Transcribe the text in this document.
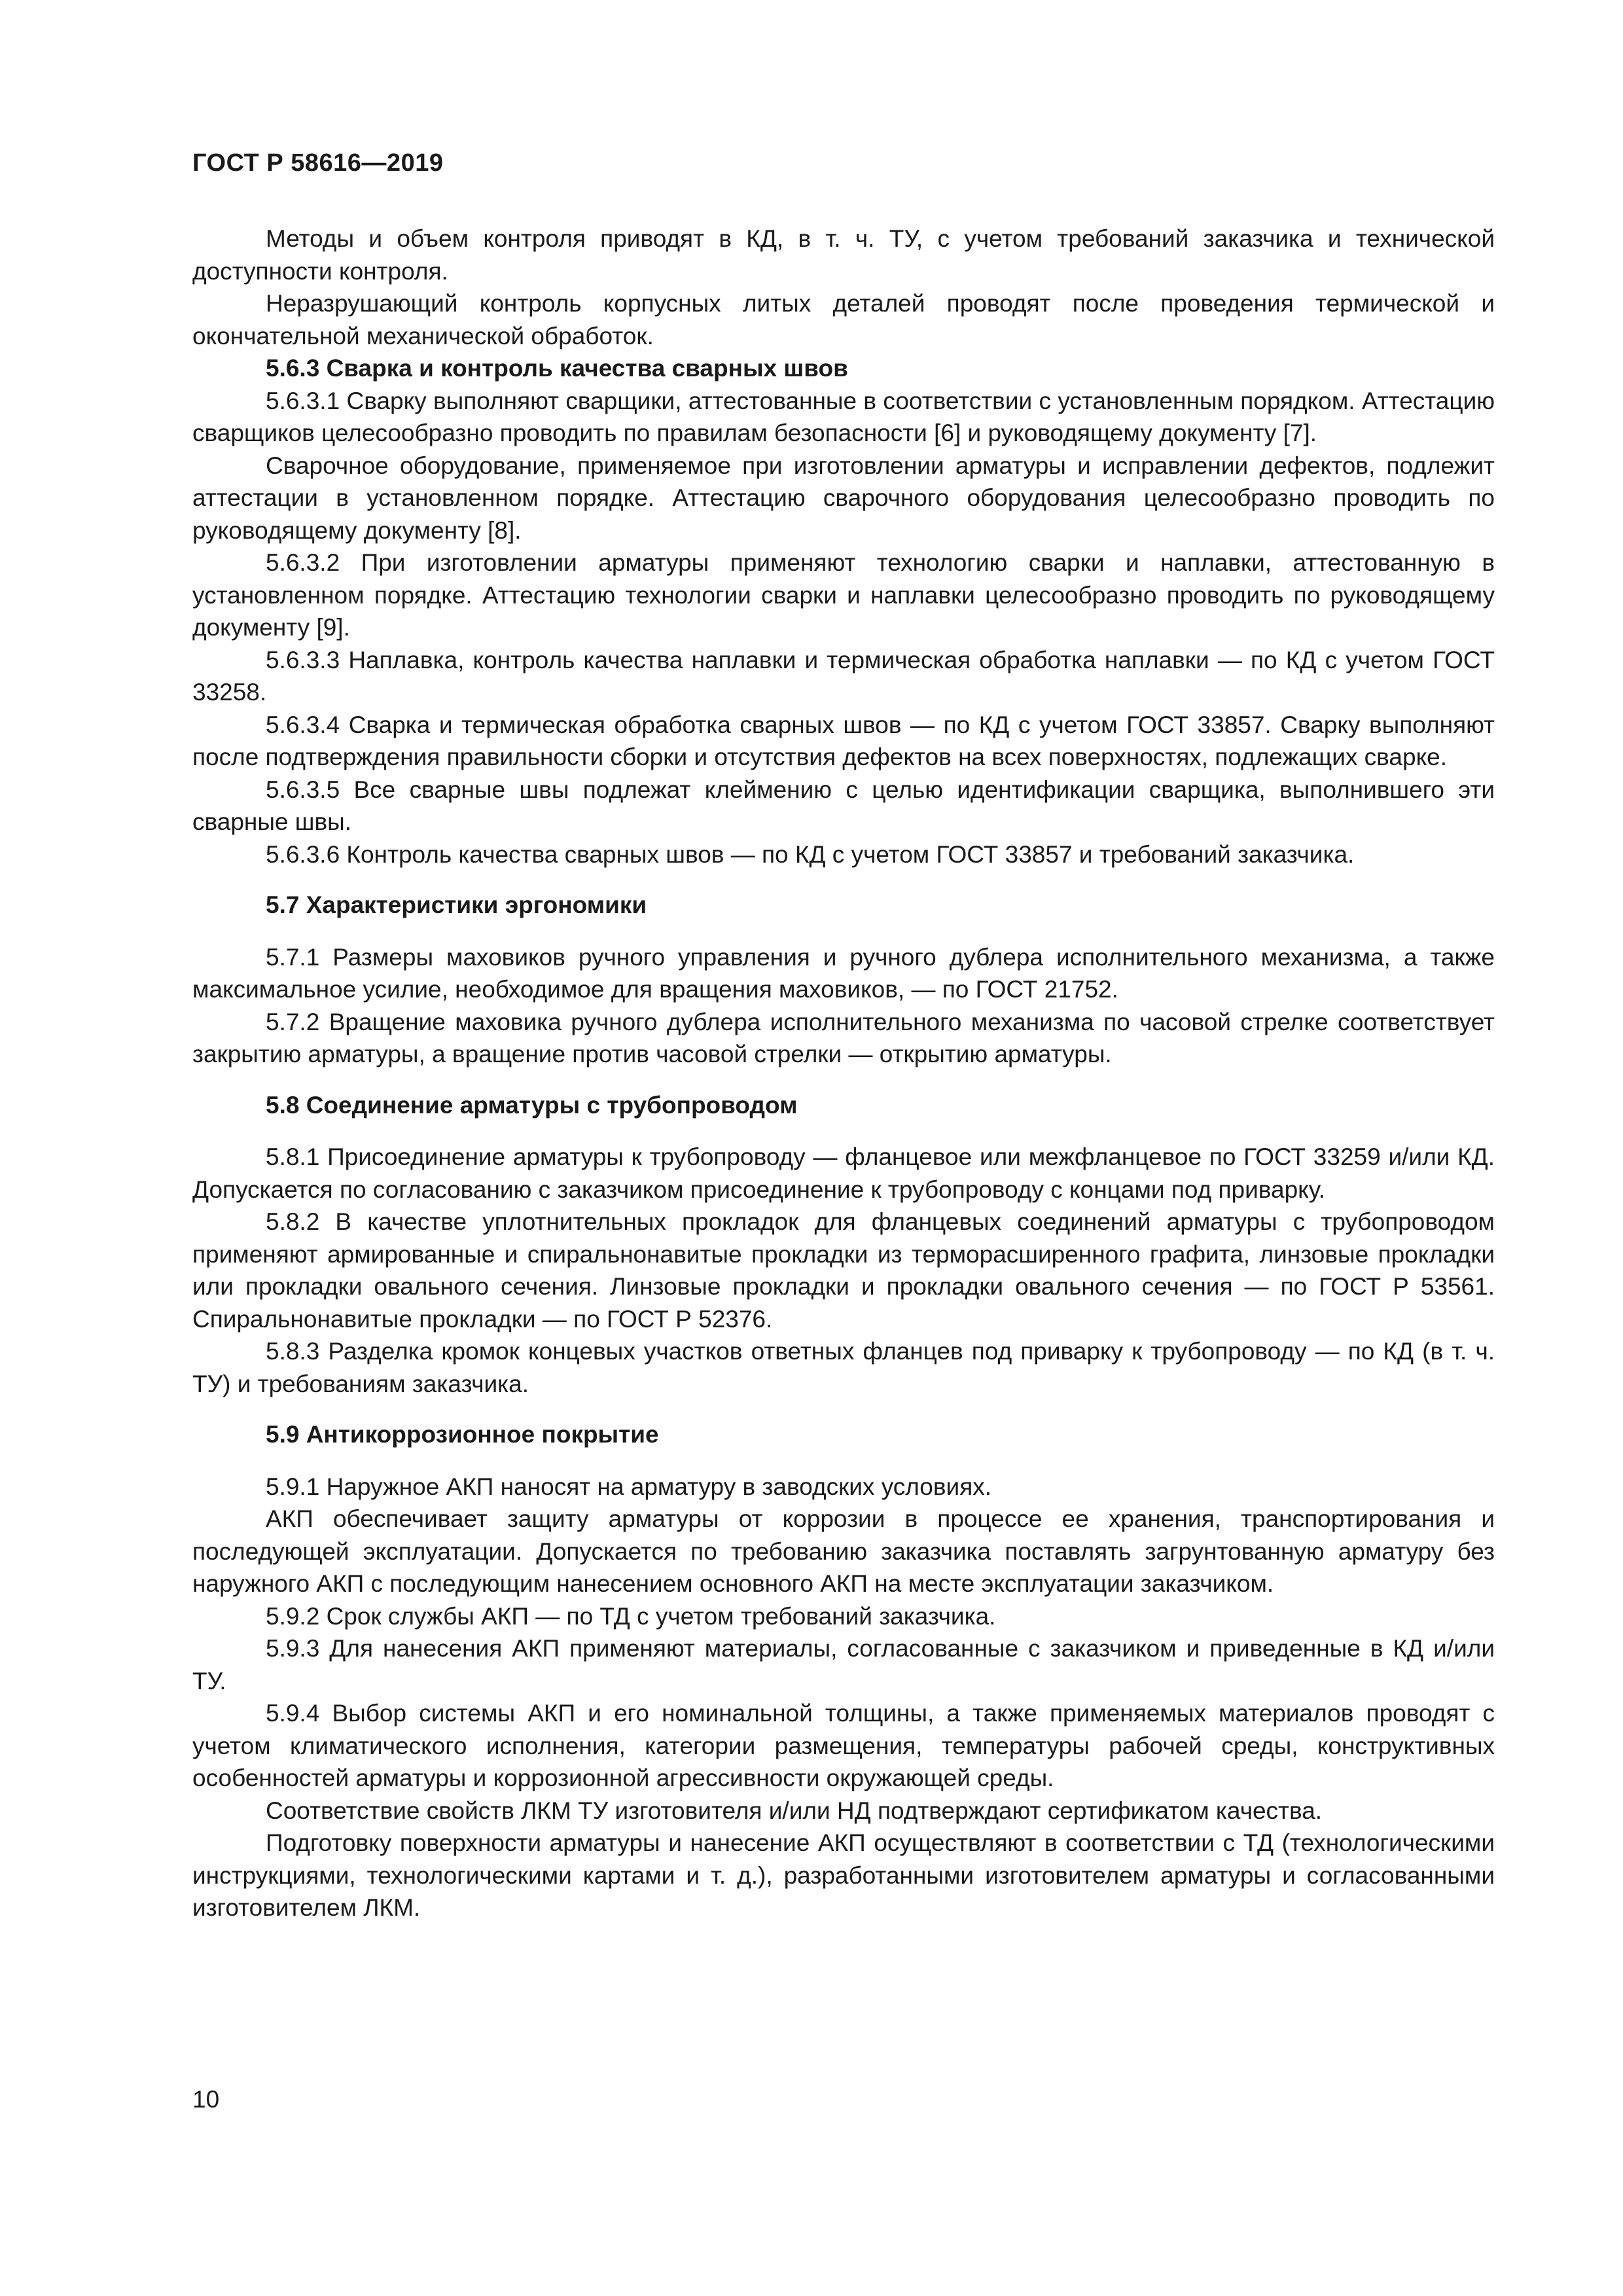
ГОСТ Р 58616—2019

Методы и объем контроля приводят в КД, в т. ч. ТУ, с учетом требований заказчика и технической доступности контроля.

Неразрушающий контроль корпусных литых деталей проводят после проведения термической и окончательной механической обработок.

5.6.3 Сварка и контроль качества сварных швов

5.6.3.1 Сварку выполняют сварщики, аттестованные в соответствии с установленным порядком. Аттестацию сварщиков целесообразно проводить по правилам безопасности [6] и руководящему документу [7].

Сварочное оборудование, применяемое при изготовлении арматуры и исправлении дефектов, подлежит аттестации в установленном порядке. Аттестацию сварочного оборудования целесообразно проводить по руководящему документу [8].

5.6.3.2 При изготовлении арматуры применяют технологию сварки и наплавки, аттестованную в установленном порядке. Аттестацию технологии сварки и наплавки целесообразно проводить по руководящему документу [9].

5.6.3.3 Наплавка, контроль качества наплавки и термическая обработка наплавки — по КД с учетом ГОСТ 33258.

5.6.3.4 Сварка и термическая обработка сварных швов — по КД с учетом ГОСТ 33857. Сварку выполняют после подтверждения правильности сборки и отсутствия дефектов на всех поверхностях, подлежащих сварке.

5.6.3.5 Все сварные швы подлежат клеймению с целью идентификации сварщика, выполнившего эти сварные швы.

5.6.3.6 Контроль качества сварных швов — по КД с учетом ГОСТ 33857 и требований заказчика.

5.7 Характеристики эргономики

5.7.1 Размеры маховиков ручного управления и ручного дублера исполнительного механизма, а также максимальное усилие, необходимое для вращения маховиков, — по ГОСТ 21752.

5.7.2 Вращение маховика ручного дублера исполнительного механизма по часовой стрелке соответствует закрытию арматуры, а вращение против часовой стрелки — открытию арматуры.

5.8 Соединение арматуры с трубопроводом

5.8.1 Присоединение арматуры к трубопроводу — фланцевое или межфланцевое по ГОСТ 33259 и/или КД. Допускается по согласованию с заказчиком присоединение к трубопроводу с концами под приварку.

5.8.2 В качестве уплотнительных прокладок для фланцевых соединений арматуры с трубопроводом применяют армированные и спиральнонавитые прокладки из терморасширенного графита, линзовые прокладки или прокладки овального сечения. Линзовые прокладки и прокладки овального сечения — по ГОСТ Р 53561. Спиральнонавитые прокладки — по ГОСТ Р 52376.

5.8.3 Разделка кромок концевых участков ответных фланцев под приварку к трубопроводу — по КД (в т. ч. ТУ) и требованиям заказчика.

5.9 Антикоррозионное покрытие

5.9.1 Наружное АКП наносят на арматуру в заводских условиях.

АКП обеспечивает защиту арматуры от коррозии в процессе ее хранения, транспортирования и последующей эксплуатации. Допускается по требованию заказчика поставлять загрунтованную арматуру без наружного АКП с последующим нанесением основного АКП на месте эксплуатации заказчиком.

5.9.2 Срок службы АКП — по ТД с учетом требований заказчика.

5.9.3 Для нанесения АКП применяют материалы, согласованные с заказчиком и приведенные в КД и/или ТУ.

5.9.4 Выбор системы АКП и его номинальной толщины, а также применяемых материалов проводят с учетом климатического исполнения, категории размещения, температуры рабочей среды, конструктивных особенностей арматуры и коррозионной агрессивности окружающей среды.

Соответствие свойств ЛКМ ТУ изготовителя и/или НД подтверждают сертификатом качества.

Подготовку поверхности арматуры и нанесение АКП осуществляют в соответствии с ТД (технологическими инструкциями, технологическими картами и т. д.), разработанными изготовителем арматуры и согласованными изготовителем ЛКМ.

10
